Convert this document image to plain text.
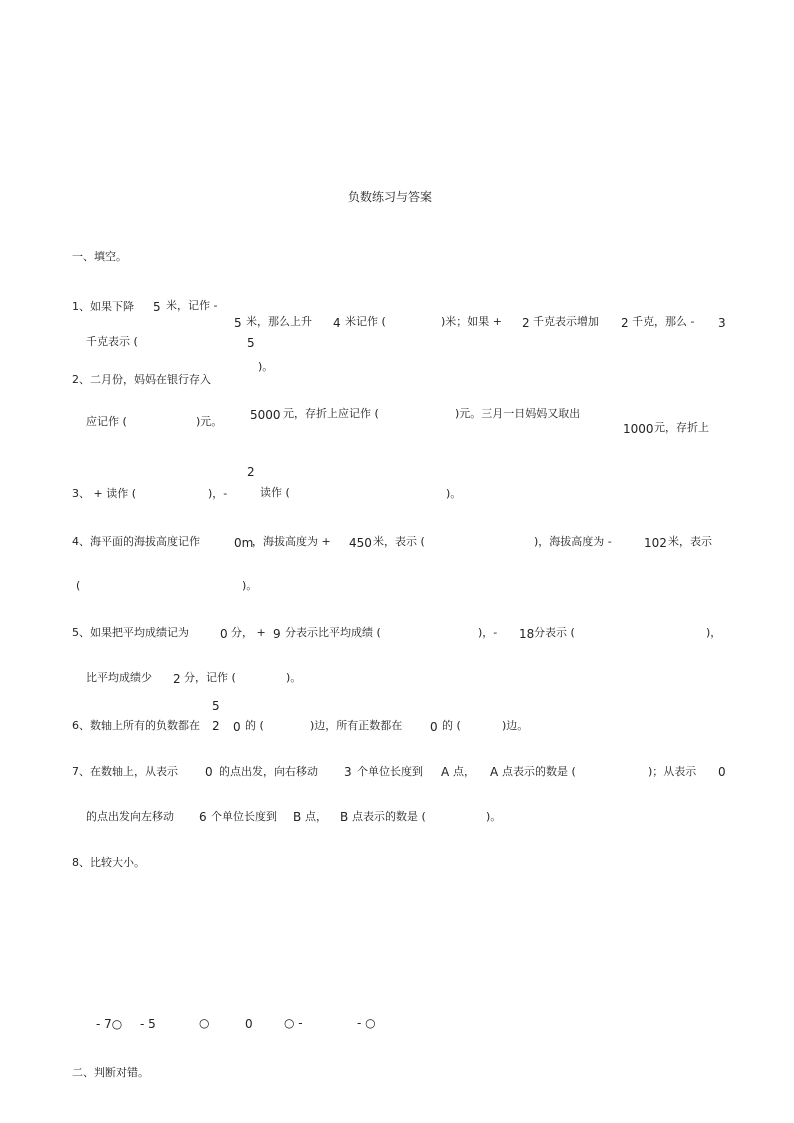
负数练习与答案
一、填空。
1、如果下降 5 米，记作 -
5 米，那么上升 4 米记作 (	)米；如果 + 2 千克表示增加 2 千克，那么 - 3
千克表示 (	5
)。
2、二月份，妈妈在银行存入
应记作 (	)元。 5000 元，存折上应记作 (	)元。三月一日妈妈又取出
1000 元，存折上
2
3、 + 读作 (	)，-	读作 (	)。
4、海平面的海拔高度记作	0m
，海拔高度为 + 450 米，表示 (	)，海拔高度为 -	102 米，表示
(	)。
5、如果把平均成绩记为	0 分， + 9 分表示比平均成绩 (	)，- 18 分表示 (	)，
比平均成绩少 2 分，记作 (	)。
5
6、数轴上所有的负数都在 2 0 的 (	)边，所有正数都在 0 的 (	)边。
7、在数轴上，从表示 0 的点出发，向右移动 3 个单位长度到 A 点， A 点表示的数是 (	)；从表示 0
的点出发向左移动 6 个单位长度到 B 点， B 点表示的数是 (	)。
8、比较大小。
- 7○ - 5	○	0	○ -	- ○
二、判断对错。
